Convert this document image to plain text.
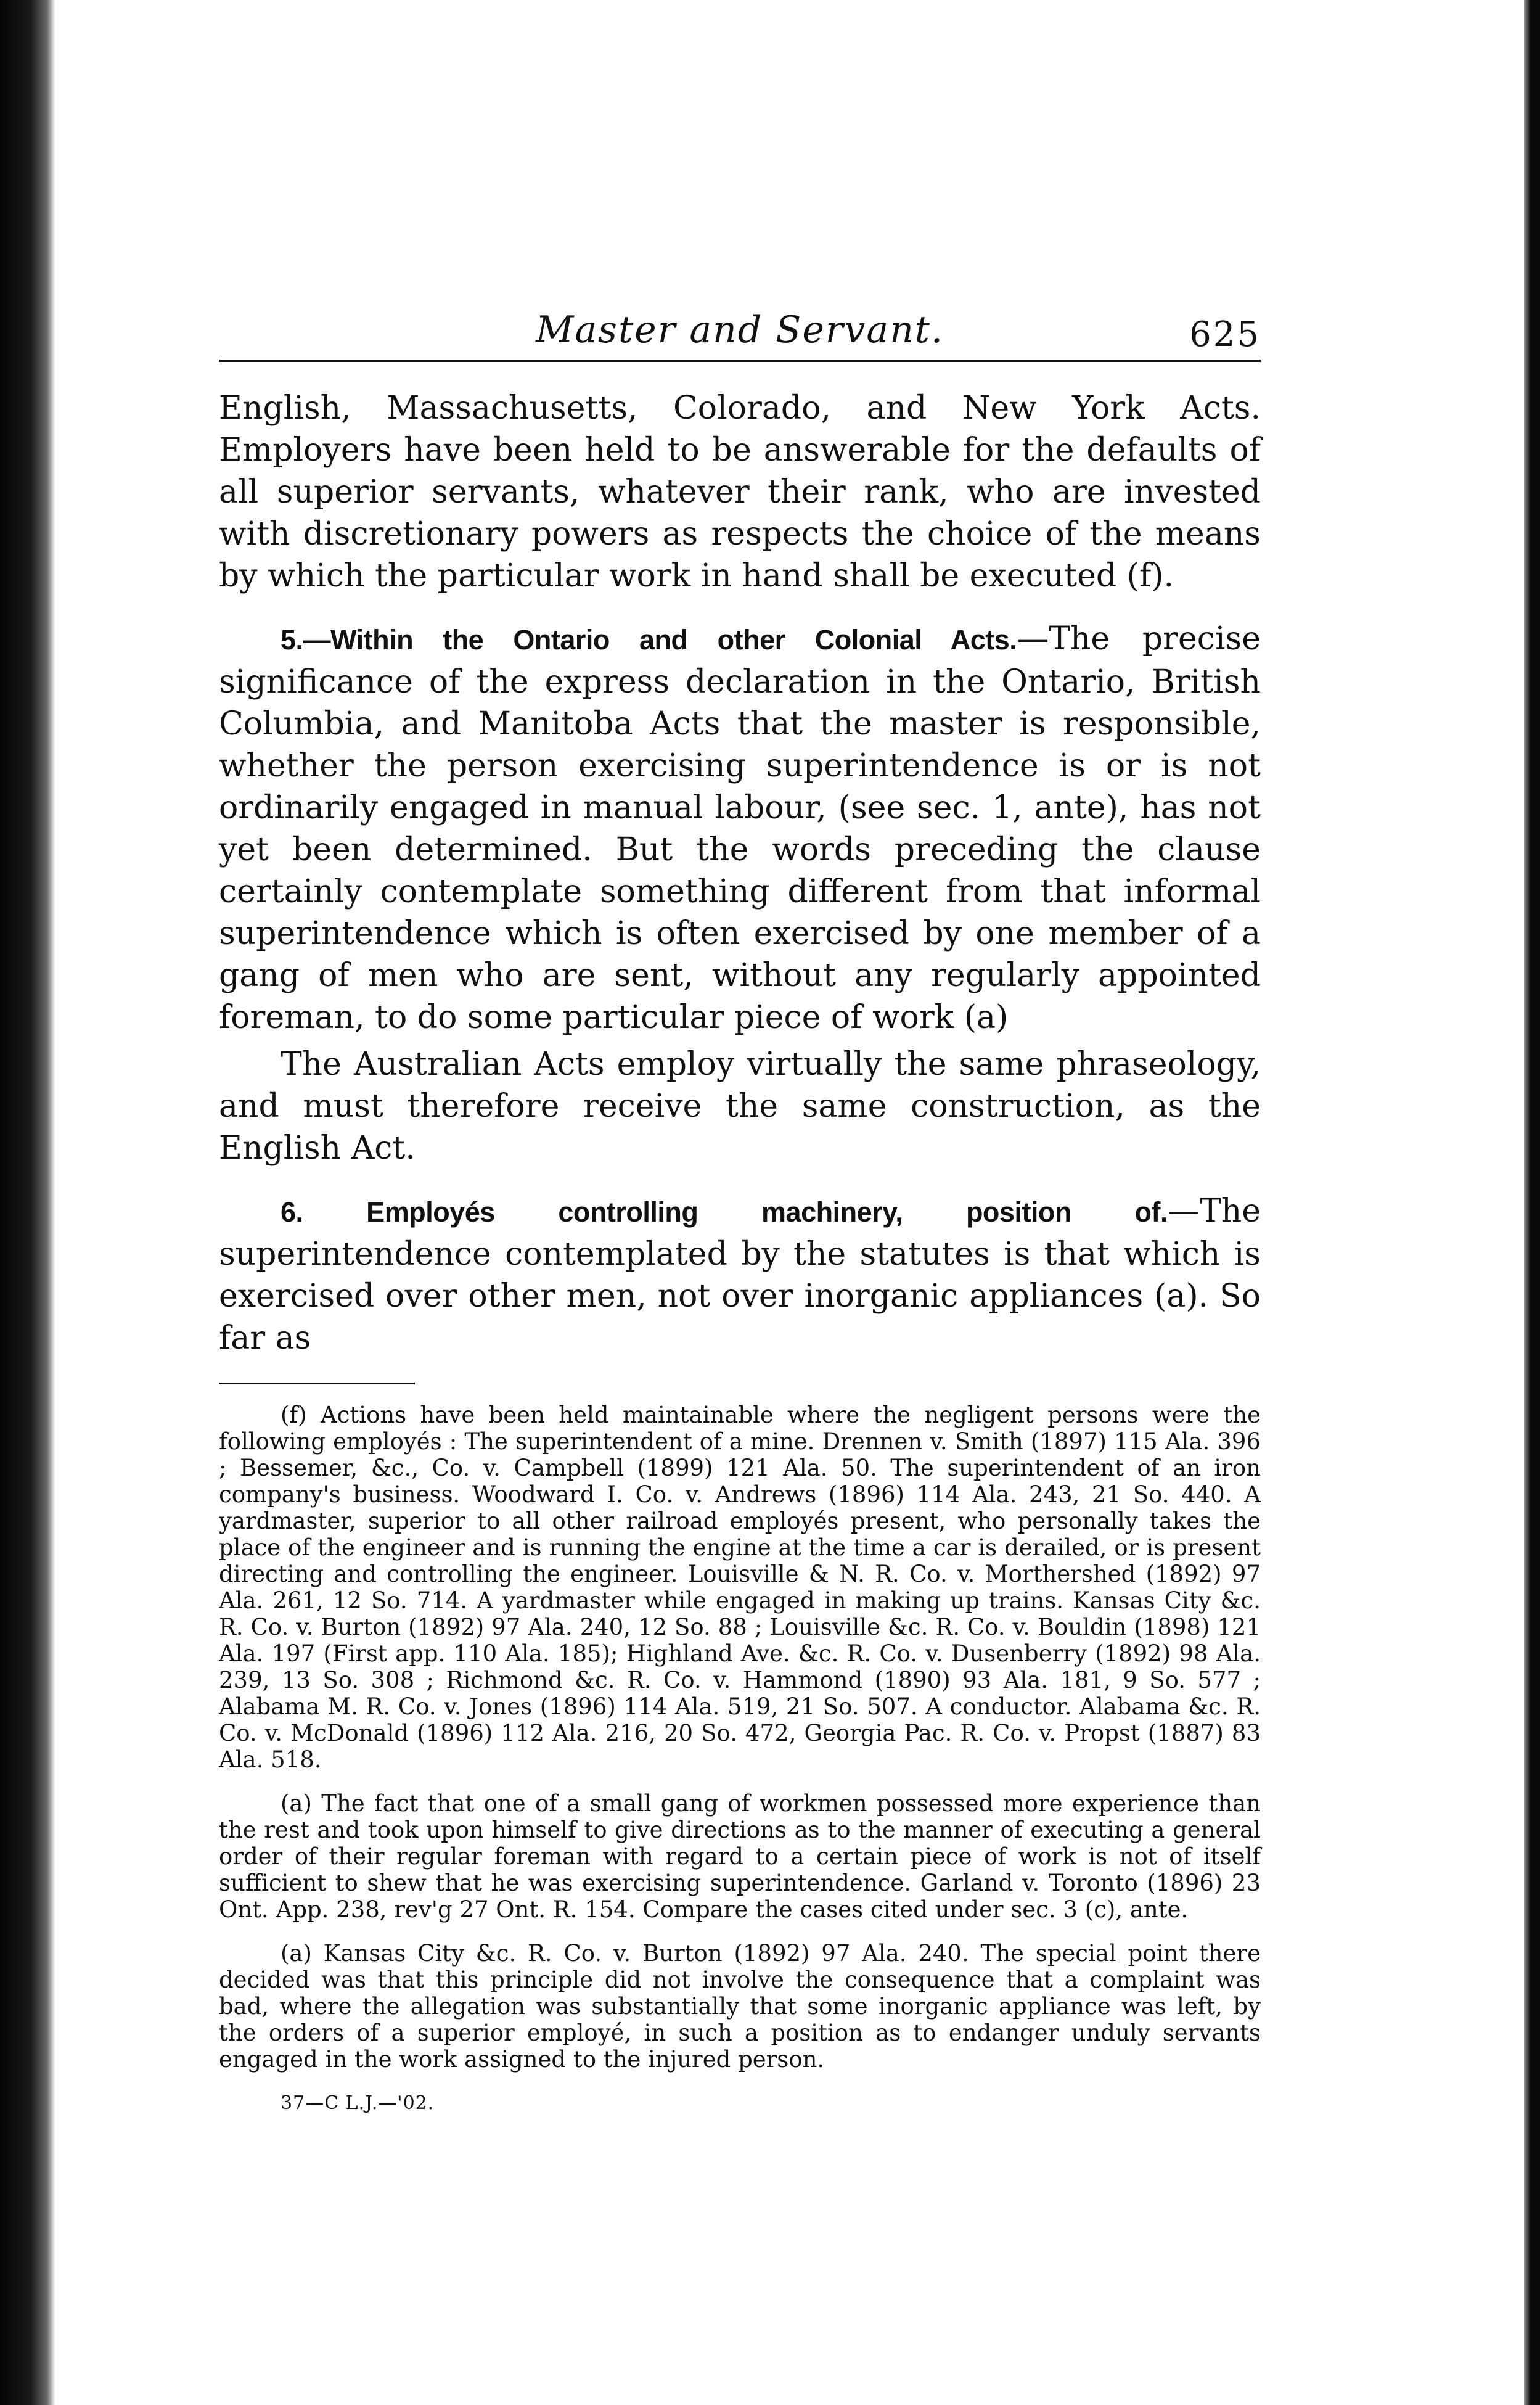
Master and Servant.	625

English, Massachusetts, Colorado, and New York Acts. Employers have been held to be answerable for the defaults of all superior servants, whatever their rank, who are invested with discretionary powers as respects the choice of the means by which the particular work in hand shall be executed (f).

5.—Within the Ontario and other Colonial Acts.—The precise significance of the express declaration in the Ontario, British Columbia, and Manitoba Acts that the master is responsible, whether the person exercising superintendence is or is not ordinarily engaged in manual labour, (see sec. 1, ante), has not yet been determined. But the words preceding the clause certainly contemplate something different from that informal superintendence which is often exercised by one member of a gang of men who are sent, without any regularly appointed foreman, to do some particular piece of work (a)

The Australian Acts employ virtually the same phraseology, and must therefore receive the same construction, as the English Act.

6. Employés controlling machinery, position of.—The superintendence contemplated by the statutes is that which is exercised over other men, not over inorganic appliances (a). So far as

(f) Actions have been held maintainable where the negligent persons were the following employés : The superintendent of a mine. Drennen v. Smith (1897) 115 Ala. 396 ; Bessemer, &c., Co. v. Campbell (1899) 121 Ala. 50. The superintendent of an iron company's business. Woodward I. Co. v. Andrews (1896) 114 Ala. 243, 21 So. 440. A yardmaster, superior to all other railroad employés present, who personally takes the place of the engineer and is running the engine at the time a car is derailed, or is present directing and controlling the engineer. Louisville & N. R. Co. v. Morthershed (1892) 97 Ala. 261, 12 So. 714. A yardmaster while engaged in making up trains. Kansas City &c. R. Co. v. Burton (1892) 97 Ala. 240, 12 So. 88 ; Louisville &c. R. Co. v. Bouldin (1898) 121 Ala. 197 (First app. 110 Ala. 185); Highland Ave. &c. R. Co. v. Dusenberry (1892) 98 Ala. 239, 13 So. 308 ; Richmond &c. R. Co. v. Hammond (1890) 93 Ala. 181, 9 So. 577 ; Alabama M. R. Co. v. Jones (1896) 114 Ala. 519, 21 So. 507. A conductor. Alabama &c. R. Co. v. McDonald (1896) 112 Ala. 216, 20 So. 472, Georgia Pac. R. Co. v. Propst (1887) 83 Ala. 518.

(a) The fact that one of a small gang of workmen possessed more experience than the rest and took upon himself to give directions as to the manner of executing a general order of their regular foreman with regard to a certain piece of work is not of itself sufficient to shew that he was exercising superintendence. Garland v. Toronto (1896) 23 Ont. App. 238, rev'g 27 Ont. R. 154. Compare the cases cited under sec. 3 (c), ante.

(a) Kansas City &c. R. Co. v. Burton (1892) 97 Ala. 240. The special point there decided was that this principle did not involve the consequence that a complaint was bad, where the allegation was substantially that some inorganic appliance was left, by the orders of a superior employé, in such a position as to endanger unduly servants engaged in the work assigned to the injured person.

37—C L.J.—'02.
